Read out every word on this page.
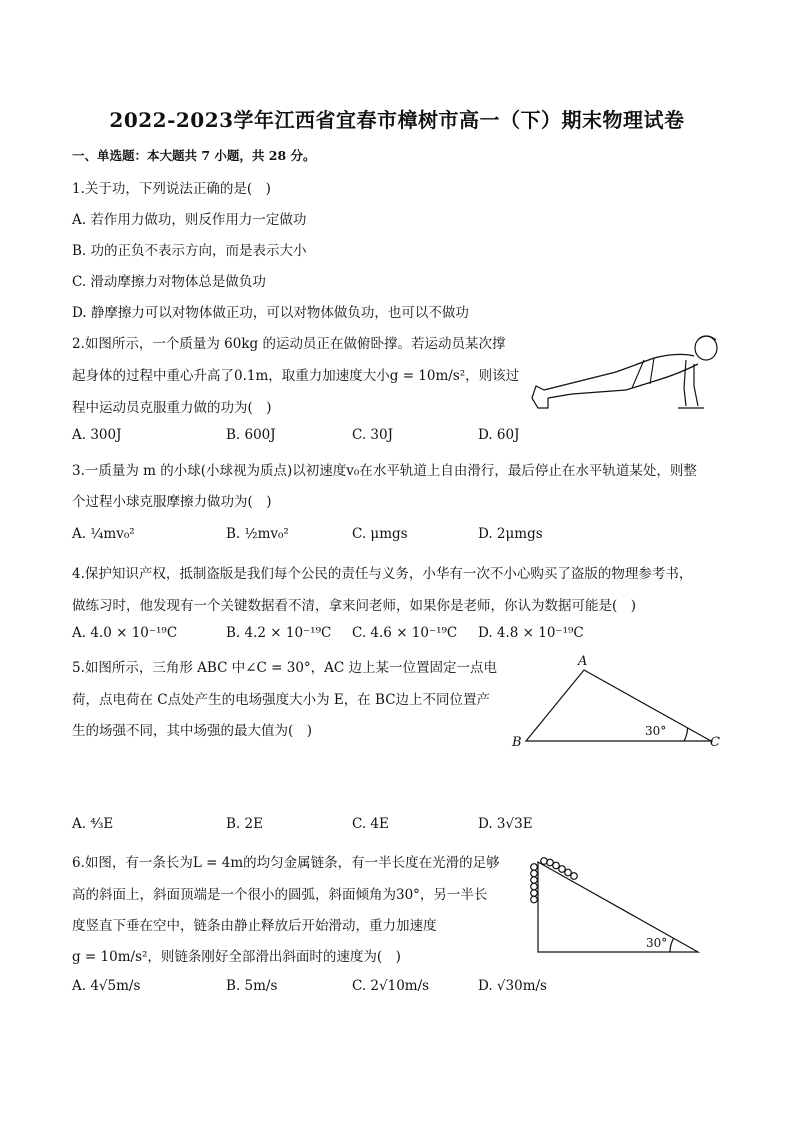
2022-2023学年江西省宜春市樟树市高一（下）期末物理试卷
一、单选题：本大题共 7 小题，共 28 分。
1.关于功，下列说法正确的是(　)
A. 若作用力做功，则反作用力一定做功
B. 功的正负不表示方向，而是表示大小
C. 滑动摩擦力对物体总是做负功
D. 静摩擦力可以对物体做正功，可以对物体做负功，也可以不做功
2.如图所示，一个质量为 60kg 的运动员正在做俯卧撑。若运动员某次撑
起身体的过程中重心升高了0.1m，取重力加速度大小g = 10m/s²，则该过
程中运动员克服重力做的功为(　)
A. 300J	B. 600J	C. 30J	D. 60J
3.一质量为 m 的小球(小球视为质点)以初速度v₀在水平轨道上自由滑行，最后停止在水平轨道某处，则整
个过程小球克服摩擦力做功为(　)
A. ¼mv₀²	B. ½mv₀²	C. μmgs	D. 2μmgs
4.保护知识产权，抵制盗版是我们每个公民的责任与义务，小华有一次不小心购买了盗版的物理参考书，
做练习时，他发现有一个关键数据看不清，拿来问老师，如果你是老师，你认为数据可能是(　)
A. 4.0 × 10⁻¹⁹C	B. 4.2 × 10⁻¹⁹C C. 4.6 × 10⁻¹⁹C D. 4.8 × 10⁻¹⁹C
5.如图所示，三角形 ABC 中∠C = 30°，AC 边上某一位置固定一点电
荷，点电荷在 C点处产生的电场强度大小为 E，在 BC边上不同位置产
生的场强不同，其中场强的最大值为(　)
A
B	C
30°
A. ⁴⁄₃E	B. 2E	C. 4E	D. 3√3E
6.如图，有一条长为L = 4m的均匀金属链条，有一半长度在光滑的足够
高的斜面上，斜面顶端是一个很小的圆弧，斜面倾角为30°，另一半长
度竖直下垂在空中，链条由静止释放后开始滑动，重力加速度
g = 10m/s²，则链条刚好全部滑出斜面时的速度为(　)
30°
A. 4√5m/s	B. 5m/s	C. 2√10m/s	D. √30m/s
